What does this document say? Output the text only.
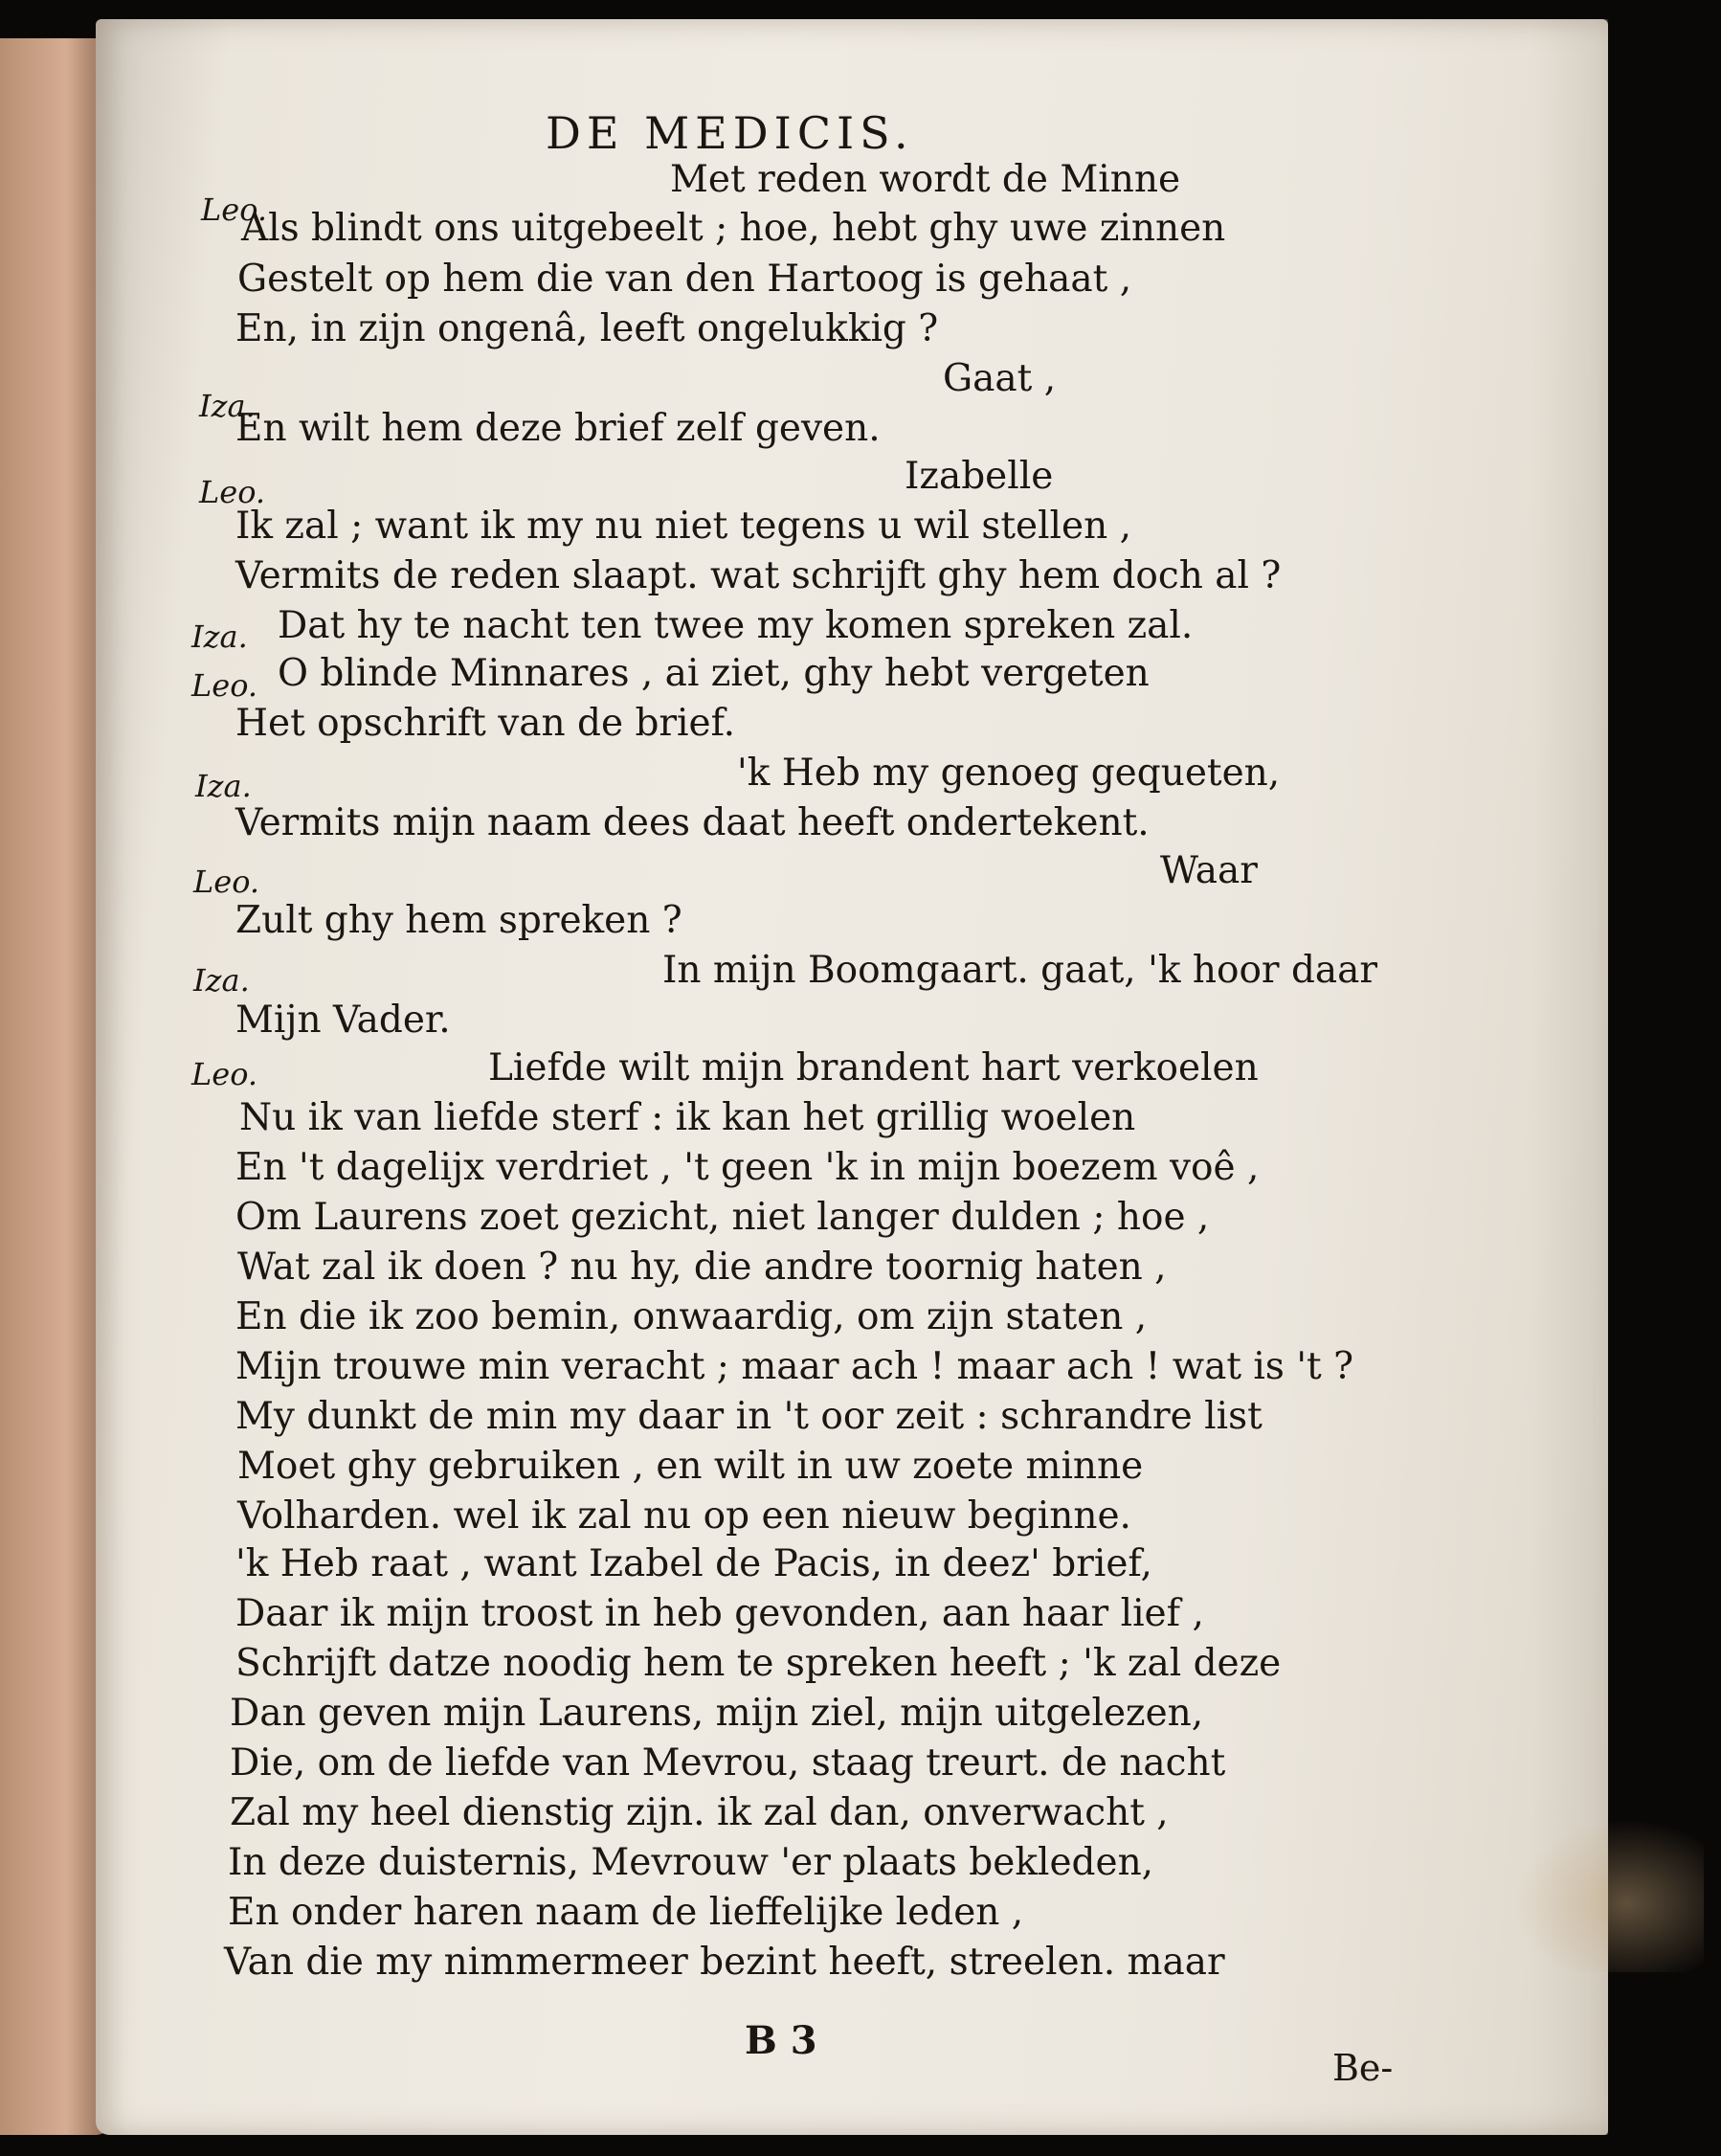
DE MEDICIS.
Leo.
Iza.
Leo.
Iza.
Leo.
Iza.
Leo.
Iza.
Leo.
Met reden wordt de Minne
Als blindt ons uitgebeelt ; hoe, hebt ghy uwe zinnen
Gestelt op hem die van den Hartoog is gehaat ,
En, in zijn ongenâ, leeft ongelukkig ?
Gaat ,
En wilt hem deze brief zelf geven.
Izabelle
Ik zal ; want ik my nu niet tegens u wil stellen ,
Vermits de reden slaapt. wat schrijft ghy hem doch al ?
Dat hy te nacht ten twee my komen spreken zal.
O blinde Minnares , ai ziet, ghy hebt vergeten
Het opschrift van de brief.
'k Heb my genoeg gequeten,
Vermits mijn naam dees daat heeft ondertekent.
Waar
Zult ghy hem spreken ?
In mijn Boomgaart. gaat, 'k hoor daar
Mijn Vader.
Liefde wilt mijn brandent hart verkoelen
Nu ik van liefde sterf : ik kan het grillig woelen
En 't dagelijx verdriet , 't geen 'k in mijn boezem voê ,
Om Laurens zoet gezicht, niet langer dulden ; hoe ,
Wat zal ik doen ? nu hy, die andre toornig haten ,
En die ik zoo bemin, onwaardig, om zijn staten ,
Mijn trouwe min veracht ; maar ach ! maar ach ! wat is 't ?
My dunkt de min my daar in 't oor zeit : schrandre list
Moet ghy gebruiken , en wilt in uw zoete minne
Volharden. wel ik zal nu op een nieuw beginne.
'k Heb raat , want Izabel de Pacis, in deez' brief,
Daar ik mijn troost in heb gevonden, aan haar lief ,
Schrijft datze noodig hem te spreken heeft ; 'k zal deze
Dan geven mijn Laurens, mijn ziel, mijn uitgelezen,
Die, om de liefde van Mevrou, staag treurt. de nacht
Zal my heel dienstig zijn. ik zal dan, onverwacht ,
In deze duisternis, Mevrouw 'er plaats bekleden,
En onder haren naam de lieffelijke leden ,
Van die my nimmermeer bezint heeft, streelen. maar
B 3
Be-
